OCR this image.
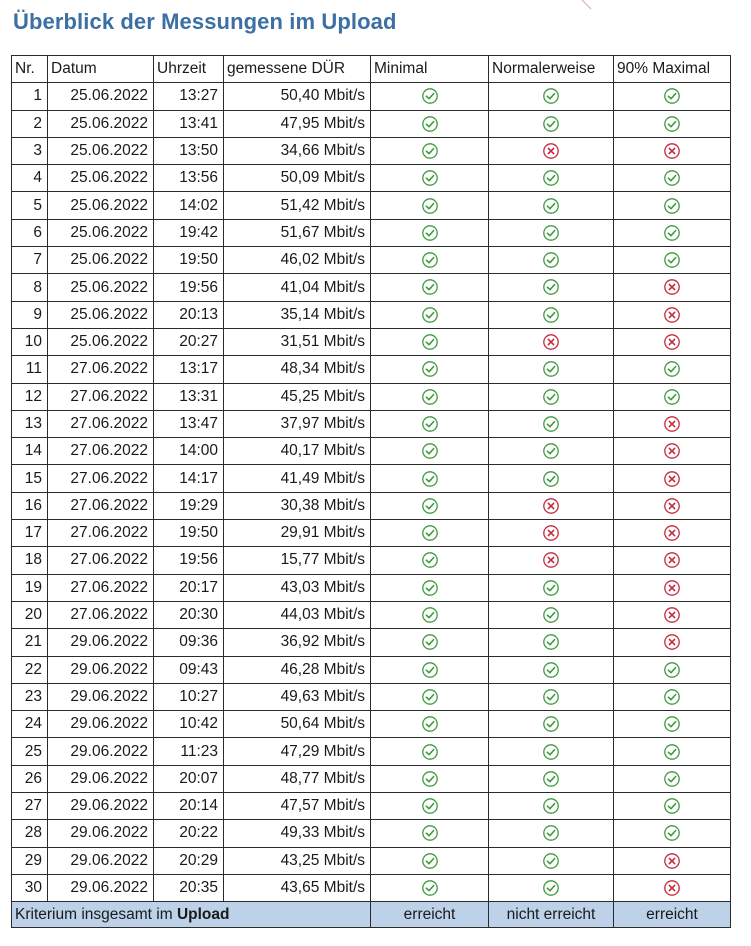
Überblick der Messungen im Upload
Nr.	Datum	Uhrzeit	gemessene DÜR	Minimal	Normalerweise	90% Maximal
1	25.06.2022	13:27	50,40 Mbit/s	

2	25.06.2022	13:41	47,95 Mbit/s	

3	25.06.2022	13:50	34,66 Mbit/s	

4	25.06.2022	13:56	50,09 Mbit/s	

5	25.06.2022	14:02	51,42 Mbit/s	

6	25.06.2022	19:42	51,67 Mbit/s	

7	25.06.2022	19:50	46,02 Mbit/s	

8	25.06.2022	19:56	41,04 Mbit/s	

9	25.06.2022	20:13	35,14 Mbit/s	

10	25.06.2022	20:27	31,51 Mbit/s	

11	27.06.2022	13:17	48,34 Mbit/s	

12	27.06.2022	13:31	45,25 Mbit/s	

13	27.06.2022	13:47	37,97 Mbit/s	

14	27.06.2022	14:00	40,17 Mbit/s	

15	27.06.2022	14:17	41,49 Mbit/s	

16	27.06.2022	19:29	30,38 Mbit/s	

17	27.06.2022	19:50	29,91 Mbit/s	

18	27.06.2022	19:56	15,77 Mbit/s	

19	27.06.2022	20:17	43,03 Mbit/s	

20	27.06.2022	20:30	44,03 Mbit/s	

21	29.06.2022	09:36	36,92 Mbit/s	

22	29.06.2022	09:43	46,28 Mbit/s	

23	29.06.2022	10:27	49,63 Mbit/s	

24	29.06.2022	10:42	50,64 Mbit/s	

25	29.06.2022	11:23	47,29 Mbit/s	

26	29.06.2022	20:07	48,77 Mbit/s	

27	29.06.2022	20:14	47,57 Mbit/s	

28	29.06.2022	20:22	49,33 Mbit/s	

29	29.06.2022	20:29	43,25 Mbit/s	

30	29.06.2022	20:35	43,65 Mbit/s	

Kriterium insgesamt im Upload				erreicht	nicht erreicht	erreicht
